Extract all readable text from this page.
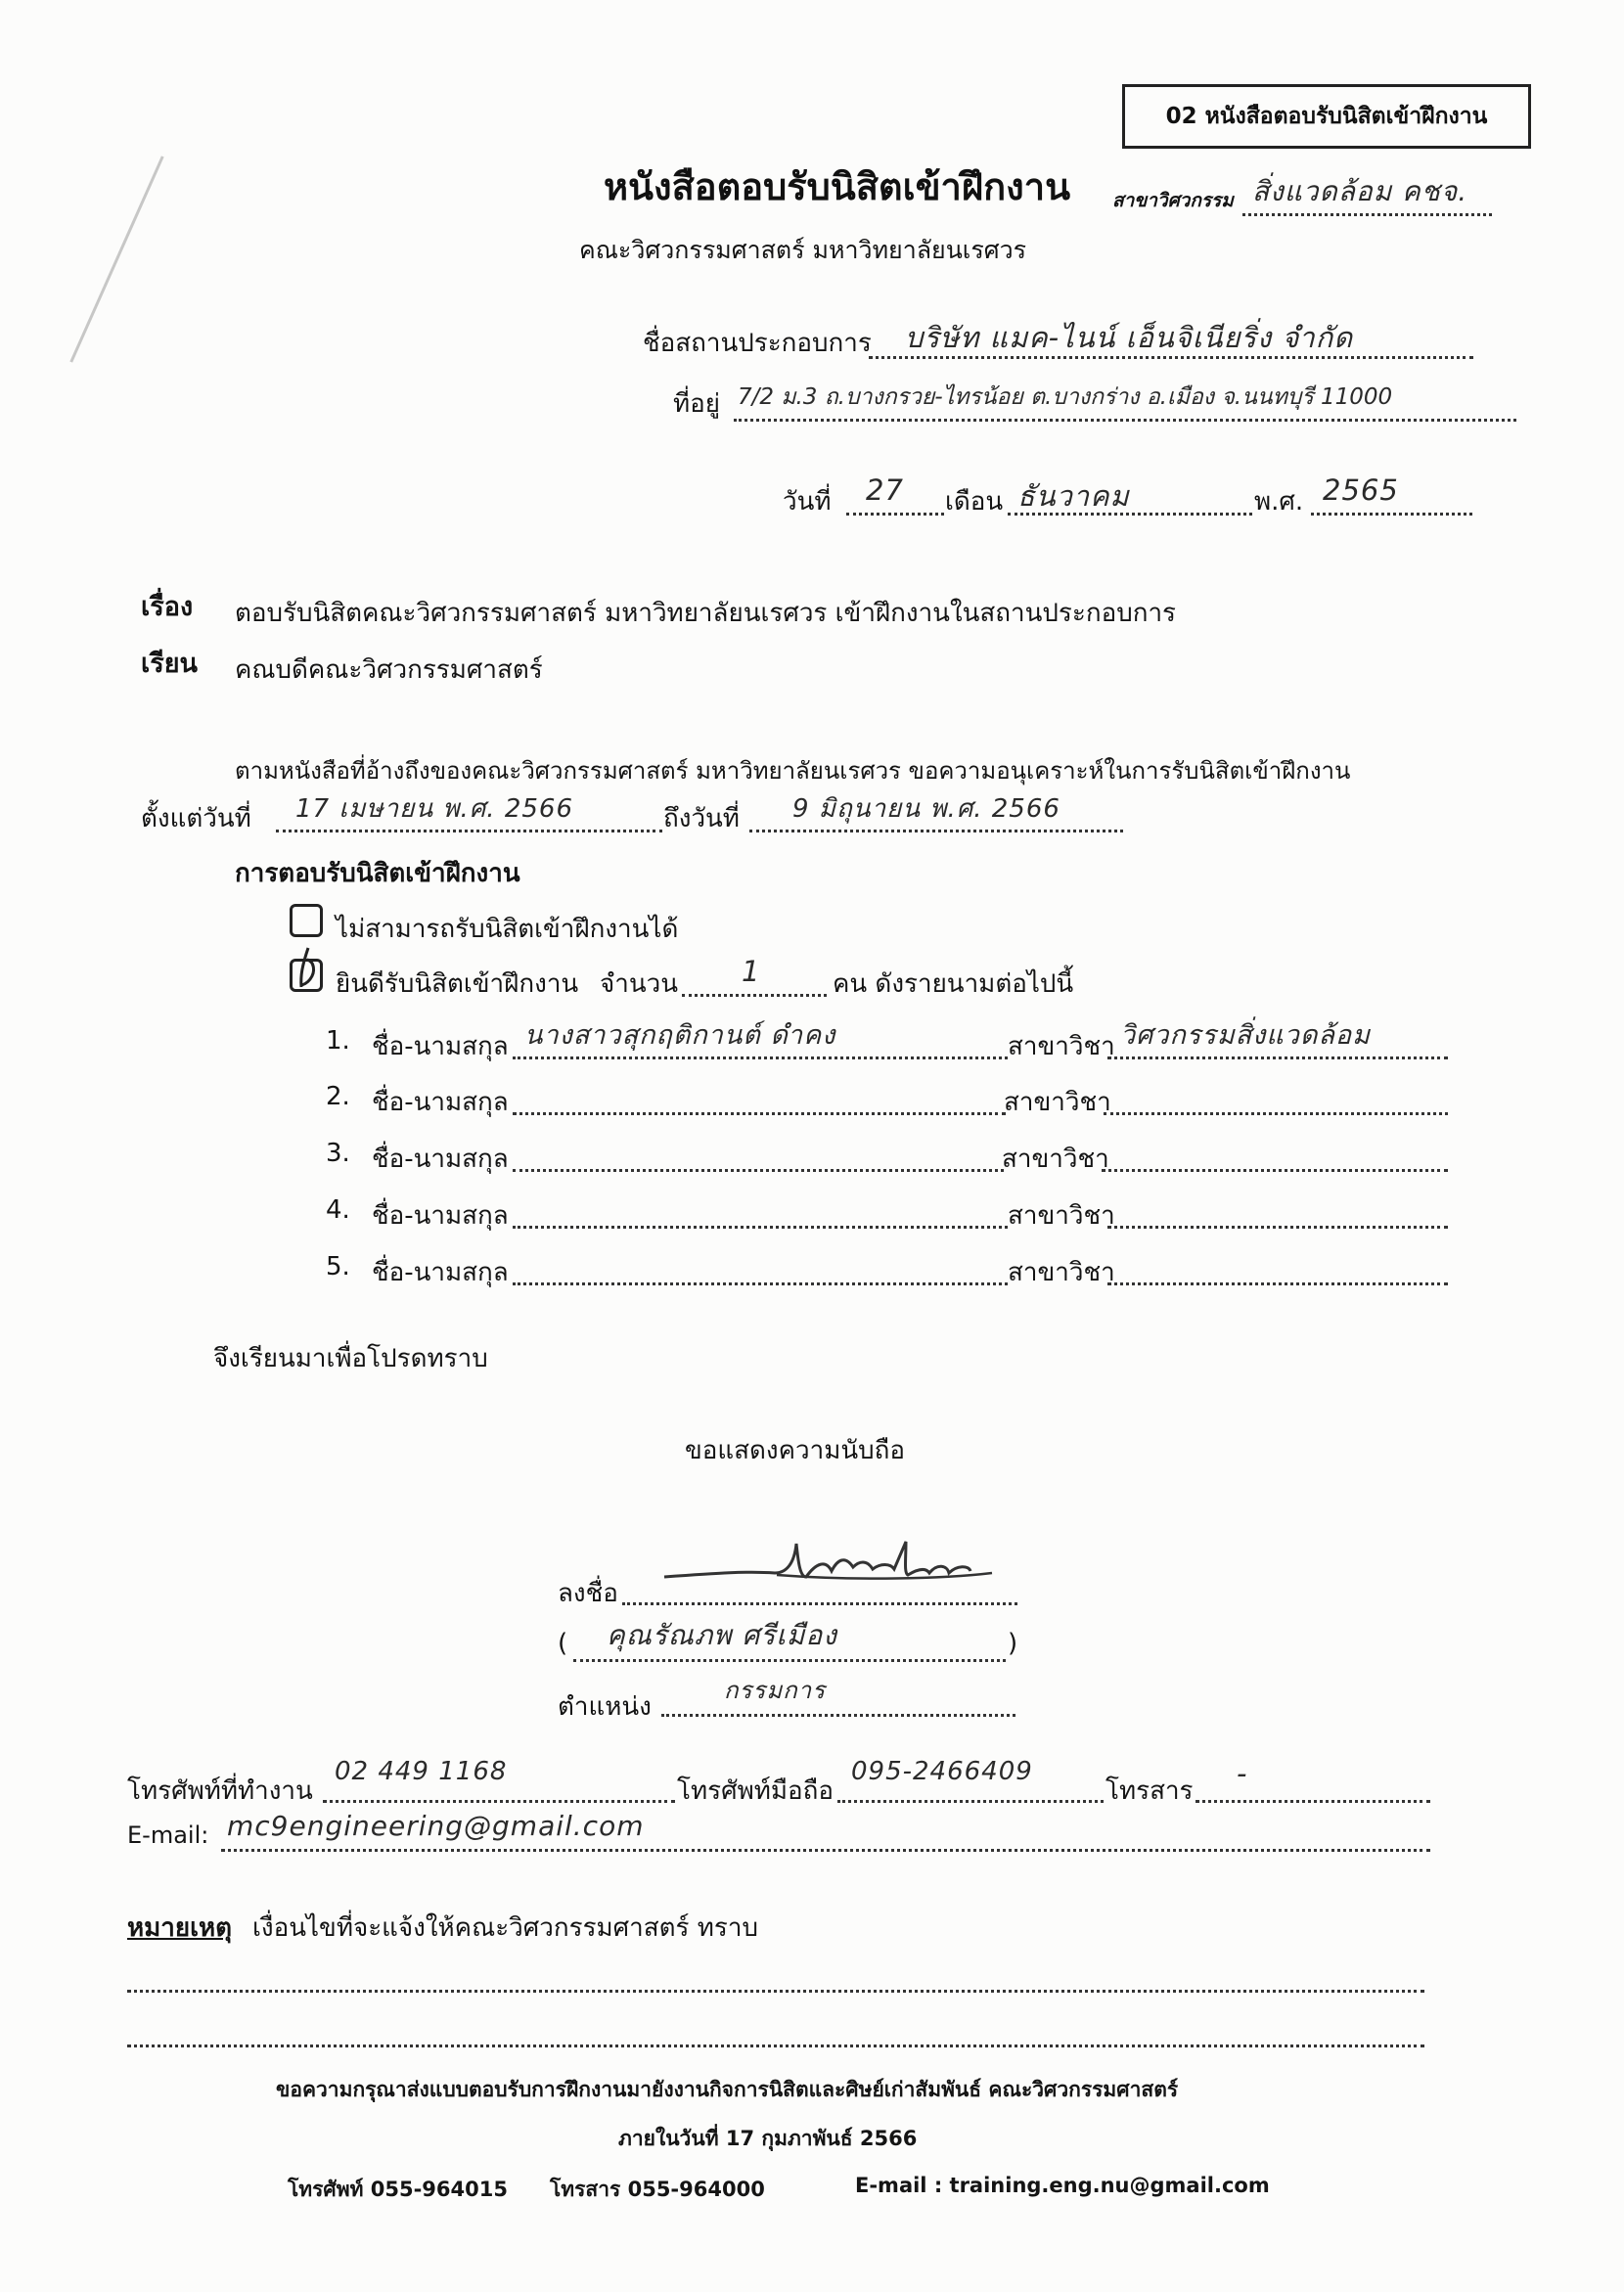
02 หนังสือตอบรับนิสิตเข้าฝึกงาน
หนังสือตอบรับนิสิตเข้าฝึกงาน
คณะวิศวกรรมศาสตร์ มหาวิทยาลัยนเรศวร
สาขาวิศวกรรม สิ่งแวดล้อม คชจ.
ชื่อสถานประกอบการ บริษัท แมค-ไนน์ เอ็นจิเนียริ่ง จำกัด
ที่อยู่ 7/2 ม.3 ถ.บางกรวย-ไทรน้อย ต.บางกร่าง อ.เมือง จ.นนทบุรี 11000
วันที่ 27 เดือน ธันวาคม	พ.ศ. 2565
เรื่อง ตอบรับนิสิตคณะวิศวกรรมศาสตร์ มหาวิทยาลัยนเรศวร เข้าฝึกงานในสถานประกอบการ
เรียน คณบดีคณะวิศวกรรมศาสตร์
ตามหนังสือที่อ้างถึงของคณะวิศวกรรมศาสตร์ มหาวิทยาลัยนเรศวร ขอความอนุเคราะห์ในการรับนิสิตเข้าฝึกงาน
ตั้งแต่วันที่ 17 เมษายน พ.ศ. 2566	ถึงวันที่ 9 มิถุนายน พ.ศ. 2566
การตอบรับนิสิตเข้าฝึกงาน
ไม่สามารถรับนิสิตเข้าฝึกงานได้
ยินดีรับนิสิตเข้าฝึกงาน จำนวน 1	คน ดังรายนามต่อไปนี้
1. ชื่อ-นามสกุล นางสาวสุกฤติกานต์ ดำคง	สาขาวิชา วิศวกรรมสิ่งแวดล้อม
2. ชื่อ-นามสกุล	สาขาวิชา
3. ชื่อ-นามสกุล	สาขาวิชา
4. ชื่อ-นามสกุล	สาขาวิชา
5. ชื่อ-นามสกุล	สาขาวิชา
จึงเรียนมาเพื่อโปรดทราบ
ขอแสดงความนับถือ
ลงชื่อ
( คุณรัณภพ ศรีเมือง	)
ตำแหน่ง
กรรมการ
โทรศัพท์ที่ทำงาน
02 449 1168
โทรศัพท์มือถือ
095-2466409
โทรสาร
-
E-mail: mc9engineering@gmail.com
หมายเหตุ เงื่อนไขที่จะแจ้งให้คณะวิศวกรรมศาสตร์ ทราบ
ขอความกรุณาส่งแบบตอบรับการฝึกงานมายังงานกิจการนิสิตและศิษย์เก่าสัมพันธ์ คณะวิศวกรรมศาสตร์
ภายในวันที่ 17 กุมภาพันธ์ 2566
โทรศัพท์ 055-964015 โทรสาร 055-964000	E-mail : training.eng.nu@gmail.com
